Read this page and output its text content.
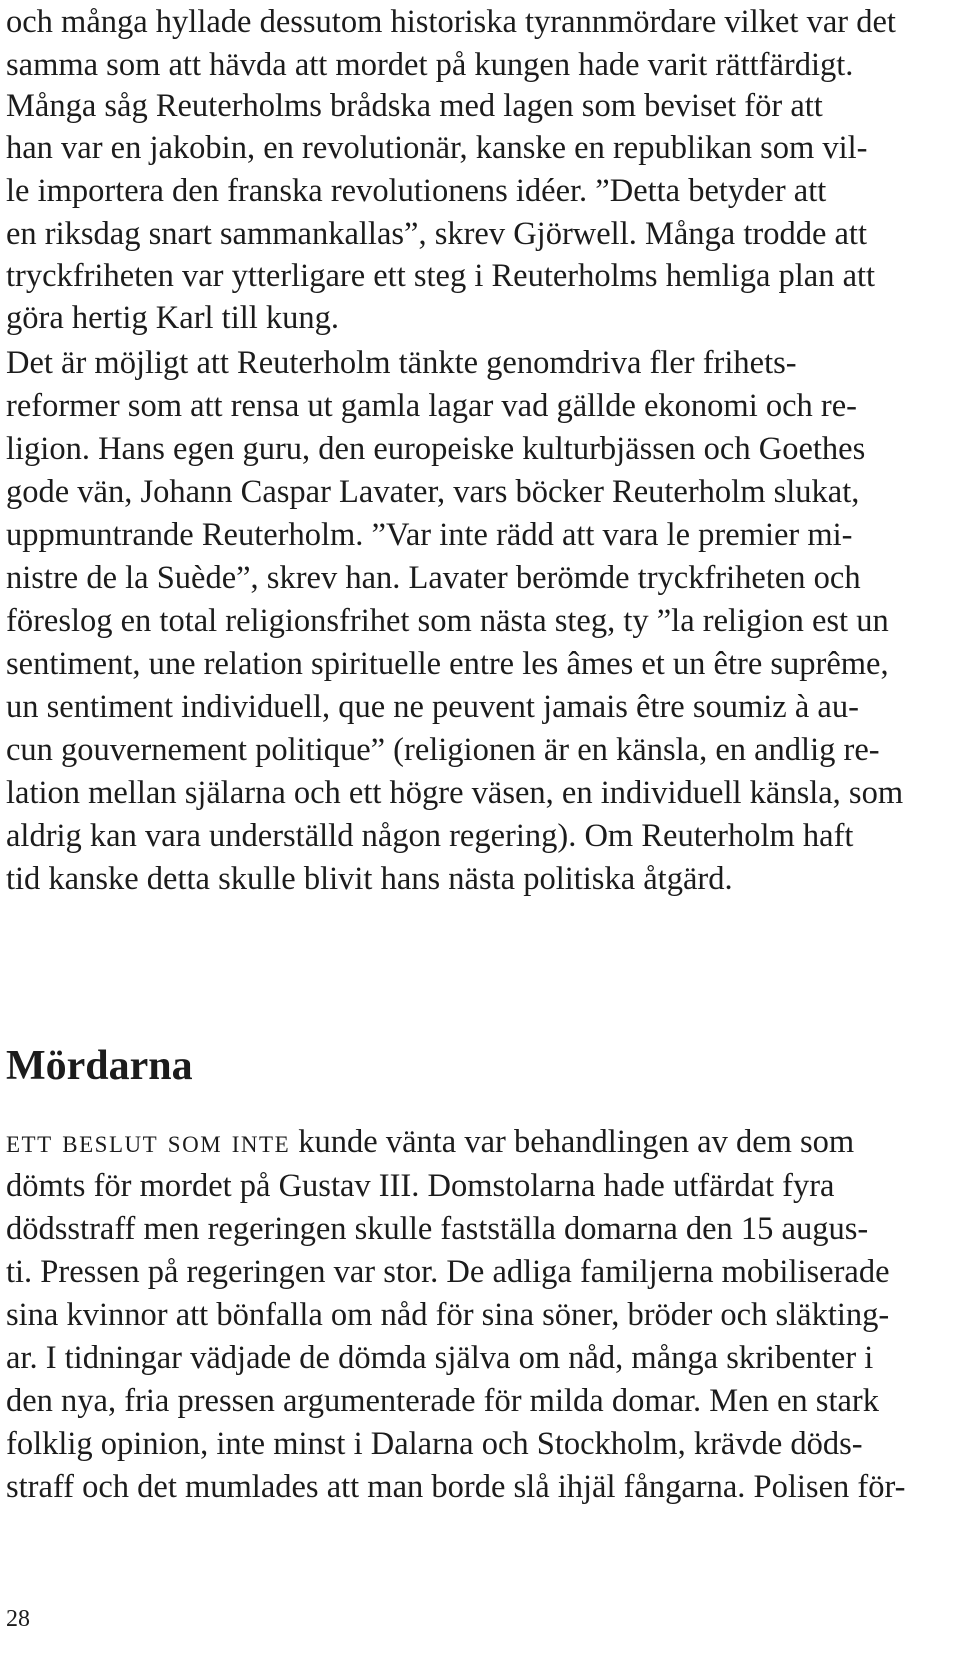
och många hyllade dessutom historiska tyrannmördare vilket var det

samma som att hävda att mordet på kungen hade varit rättfärdigt.

Många såg Reuterholms brådska med lagen som beviset för att

han var en jakobin, en revolutionär, kanske en republikan som vil-

le importera den franska revolutionens idéer. ”Detta betyder att

en riksdag snart sammankallas”, skrev Gjörwell. Många trodde att

tryckfriheten var ytterligare ett steg i Reuterholms hemliga plan att

göra hertig Karl till kung.

Det är möjligt att Reuterholm tänkte genomdriva fler frihets-

reformer som att rensa ut gamla lagar vad gällde ekonomi och re-

ligion. Hans egen guru, den europeiske kulturbjässen och Goethes

gode vän, Johann Caspar Lavater, vars böcker Reuterholm slukat,

uppmuntrande Reuterholm. ”Var inte rädd att vara le premier mi-

nistre de la Suède”, skrev han. Lavater berömde tryckfriheten och

föreslog en total religionsfrihet som nästa steg, ty ”la religion est un

sentiment, une relation spirituelle entre les âmes et un être suprême,

un sentiment individuell, que ne peuvent jamais être soumiz à au-

cun gouvernement politique” (religionen är en känsla, en andlig re-

lation mellan själarna och ett högre väsen, en individuell känsla, som

aldrig kan vara underställd någon regering). Om Reuterholm haft

tid kanske detta skulle blivit hans nästa politiska åtgärd.

Mördarna

ett beslut som inte kunde vänta var behandlingen av dem som

dömts för mordet på Gustav III. Domstolarna hade utfärdat fyra

dödsstraff men regeringen skulle fastställa domarna den 15 augus-

ti. Pressen på regeringen var stor. De adliga familjerna mobiliserade

sina kvinnor att bönfalla om nåd för sina söner, bröder och släkting-

ar. I tidningar vädjade de dömda själva om nåd, många skribenter i

den nya, fria pressen argumenterade för milda domar. Men en stark

folklig opinion, inte minst i Dalarna och Stockholm, krävde döds-

straff och det mumlades att man borde slå ihjäl fångarna. Polisen för-

28
